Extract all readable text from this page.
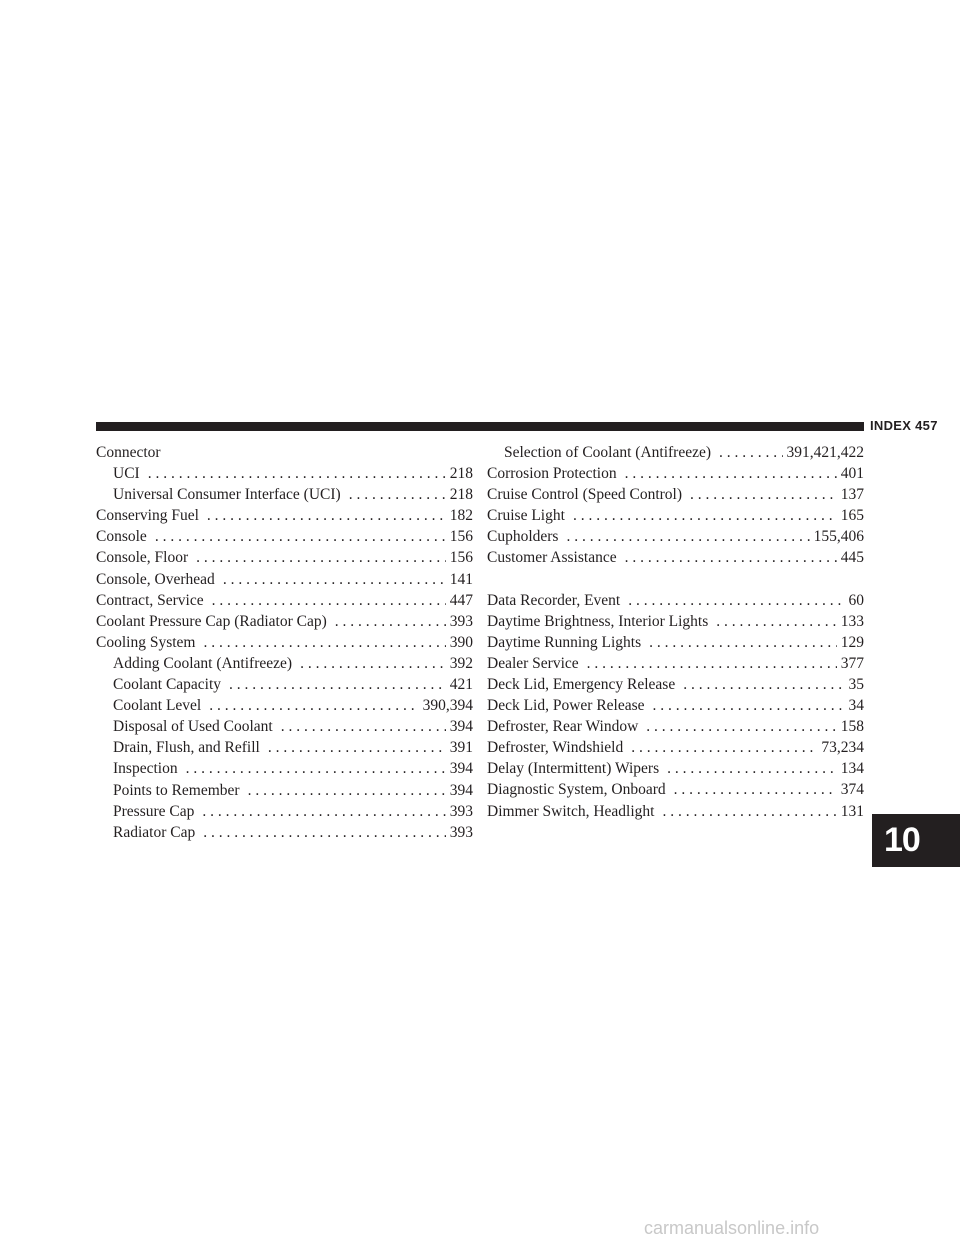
INDEX 457
Connector
UCI . . .	218
Universal Consumer Interface (UCI) . . .	218
Conserving Fuel . . .	182
Console . . .	156
Console, Floor . . .	156
Console, Overhead . . .	141
Contract, Service . . .	447
Coolant Pressure Cap (Radiator Cap) . . .	393
Cooling System . . .	390
Adding Coolant (Antifreeze) . . .	392
Coolant Capacity . . .	421
Coolant Level . . .	390,394
Disposal of Used Coolant . . .	394
Drain, Flush, and Refill . . .	391
Inspection . . .	394
Points to Remember . . .	394
Pressure Cap . . .	393
Radiator Cap . . .	393
Selection of Coolant (Antifreeze) . . .	391,421,422
Corrosion Protection . . .	401
Cruise Control (Speed Control) . . .	137
Cruise Light . . .	165
Cupholders . . .	155,406
Customer Assistance . . .	445
Data Recorder, Event . . .	60
Daytime Brightness, Interior Lights . . .	133
Daytime Running Lights . . .	129
Dealer Service . . .	377
Deck Lid, Emergency Release . . .	35
Deck Lid, Power Release . . .	34
Defroster, Rear Window . . .	158
Defroster, Windshield . . .	73,234
Delay (Intermittent) Wipers . . .	134
Diagnostic System, Onboard . . .	374
Dimmer Switch, Headlight . . .	131
10
carmanualsonline.info
